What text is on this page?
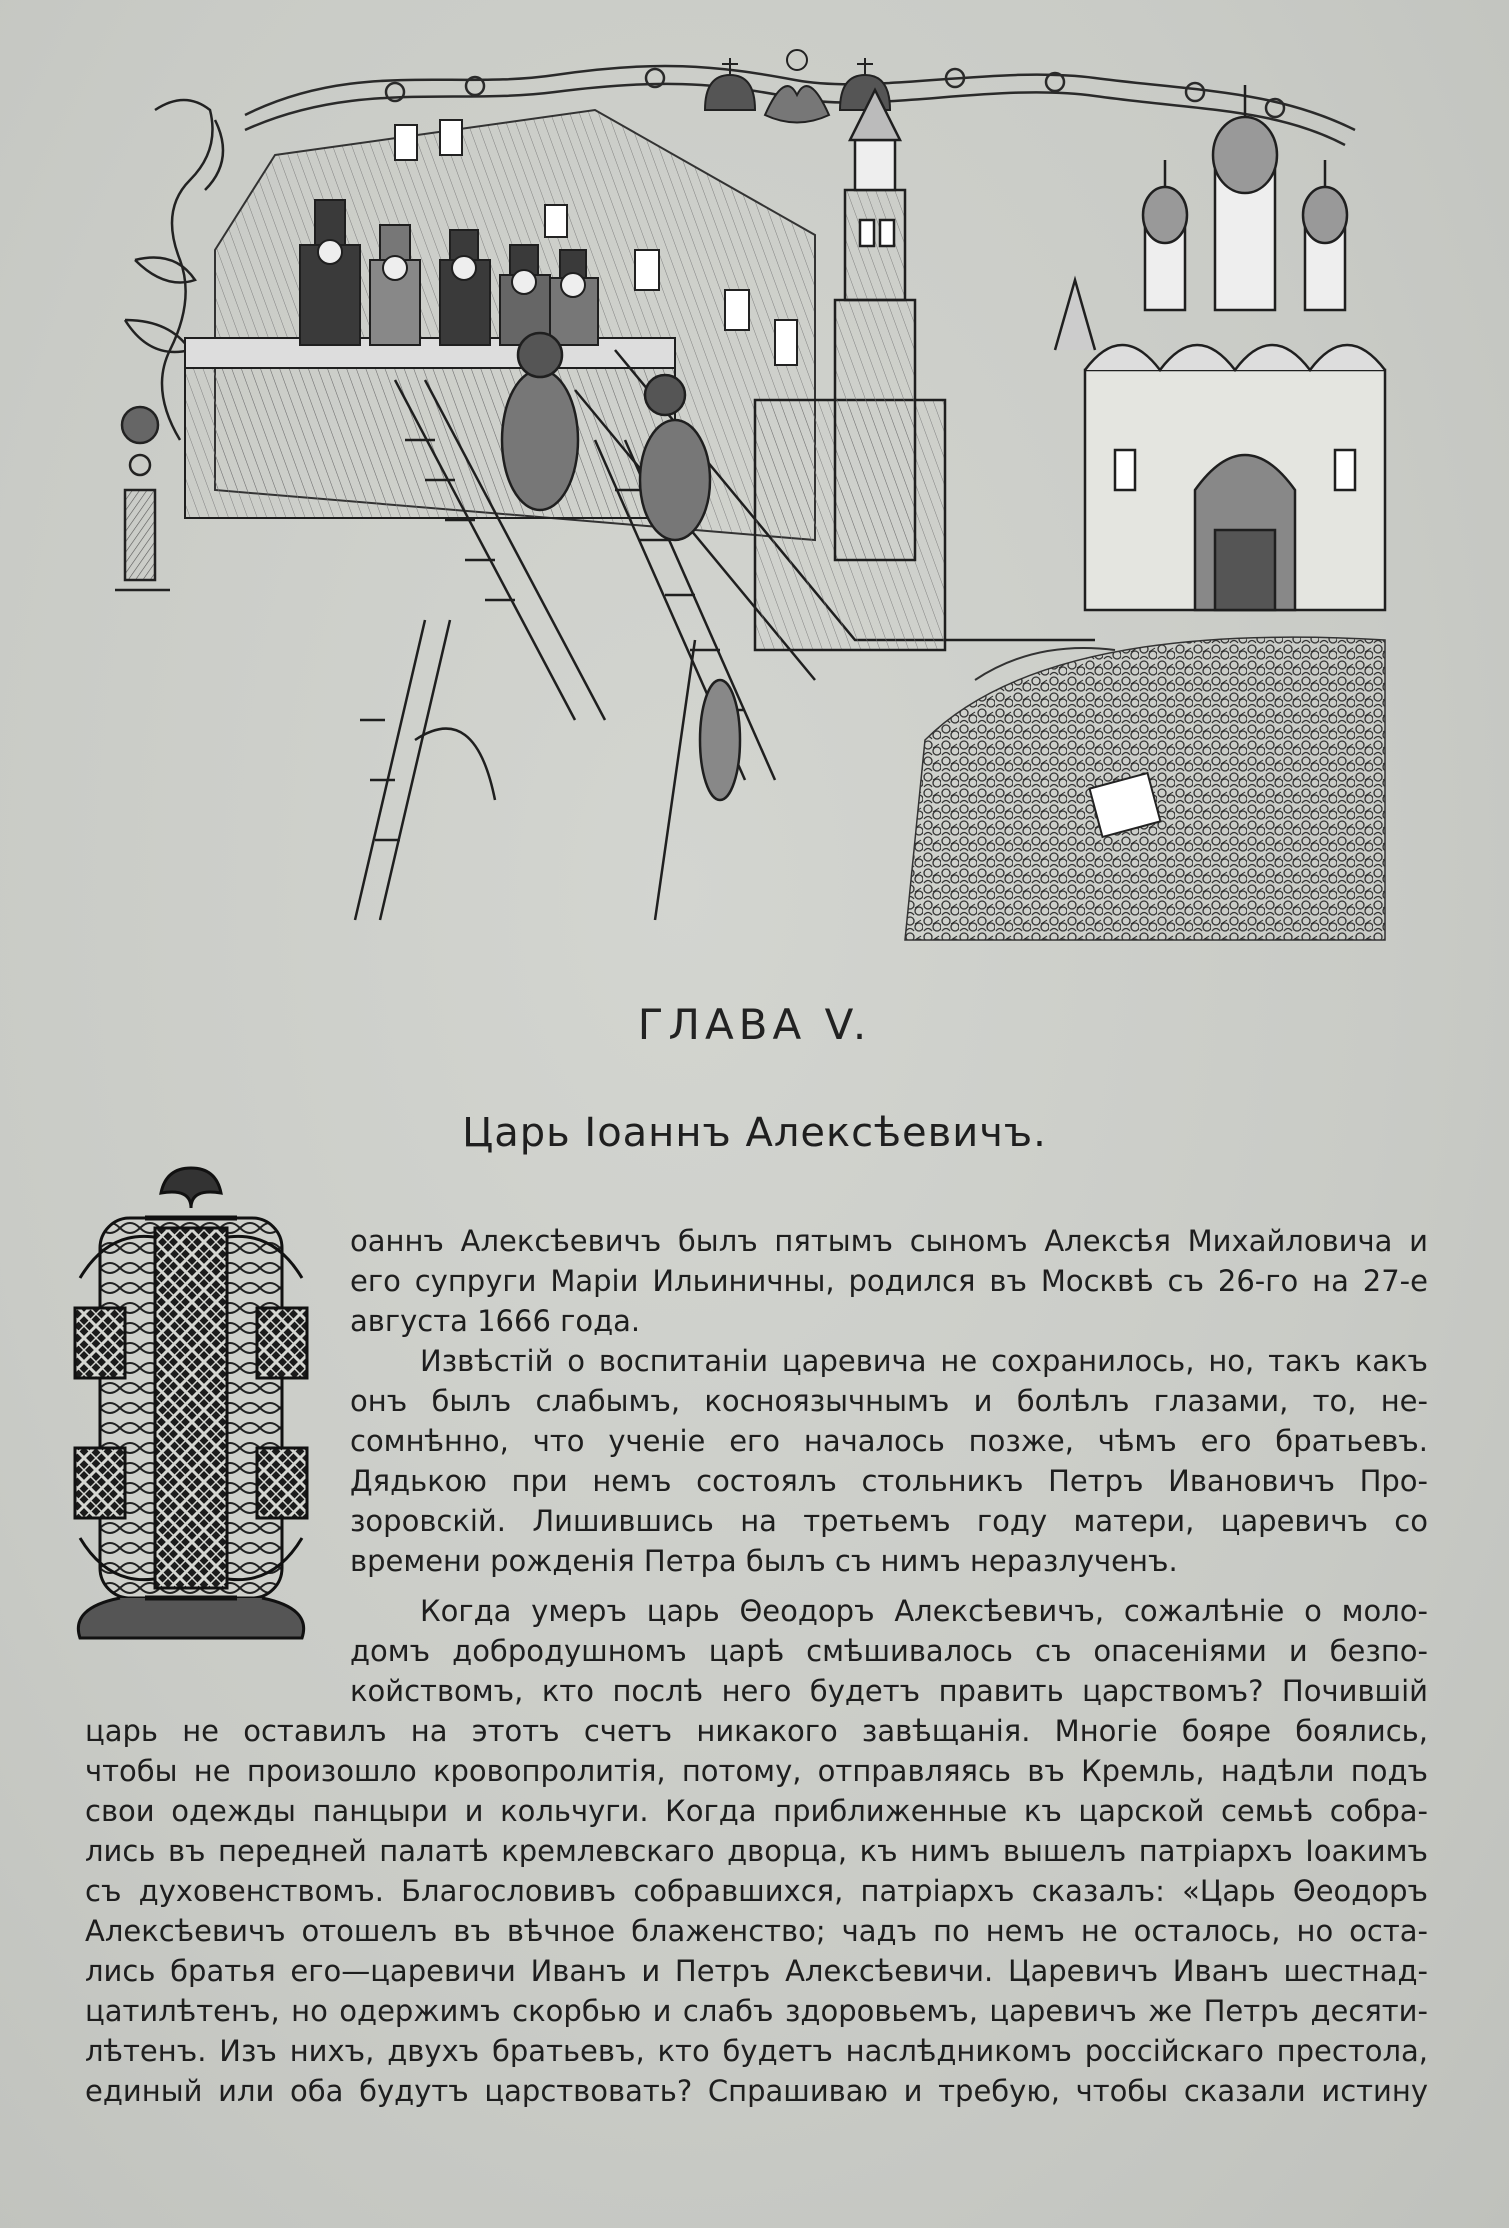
ГЛАВА V.
Царь Іоаннъ Алексѣевичъ.
оаннъ Алексѣевичъ былъ пятымъ сыномъ Алексѣя Михайловича и
его супруги Маріи Ильиничны, родился въ Москвѣ съ 26-го на 27-е
августа 1666 года.
Извѣстій о воспитаніи царевича не сохранилось, но, такъ какъ
онъ былъ слабымъ, косноязычнымъ и болѣлъ глазами, то, не-
сомнѣнно, что ученіе его началось позже, чѣмъ его братьевъ.
Дядькою при немъ состоялъ стольникъ Петръ Ивановичъ Про-
зоровскій. Лишившись на третьемъ году матери, царевичъ со
времени рожденія Петра былъ съ нимъ неразлученъ.
Когда умеръ царь Θеодоръ Алексѣевичъ, сожалѣніе о моло-
домъ добродушномъ царѣ смѣшивалось съ опасеніями и безпо-
койствомъ, кто послѣ него будетъ править царствомъ? Почившій
царь не оставилъ на этотъ счетъ никакого завѣщанія. Многіе бояре боялись,
чтобы не произошло кровопролитія, потому, отправляясь въ Кремль, надѣли подъ
свои одежды панцыри и кольчуги. Когда приближенные къ царской семьѣ собра-
лись въ передней палатѣ кремлевскаго дворца, къ нимъ вышелъ патріархъ Іоакимъ
съ духовенствомъ. Благословивъ собравшихся, патріархъ сказалъ: «Царь Θеодоръ
Алексѣевичъ отошелъ въ вѣчное блаженство; чадъ по немъ не осталось, но оста-
лись братья его—царевичи Иванъ и Петръ Алексѣевичи. Царевичъ Иванъ шестнад-
цатилѣтенъ, но одержимъ скорбью и слабъ здоровьемъ, царевичъ же Петръ десяти-
лѣтенъ. Изъ нихъ, двухъ братьевъ, кто будетъ наслѣдникомъ россійскаго престола,
единый или оба будутъ царствовать? Спрашиваю и требую, чтобы сказали истину
